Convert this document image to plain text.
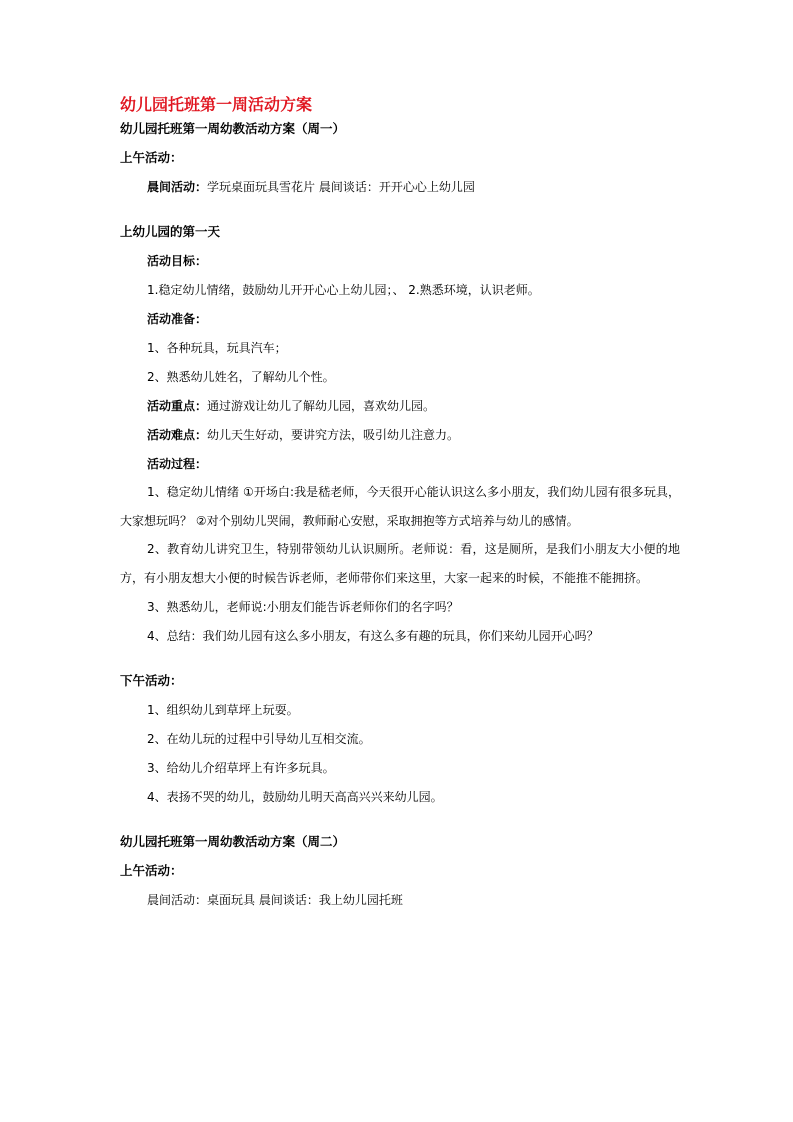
幼儿园托班第一周活动方案
幼儿园托班第一周幼教活动方案（周一）
上午活动：
晨间活动：学玩桌面玩具雪花片 晨间谈话：开开心心上幼儿园
上幼儿园的第一天
活动目标：
1.稳定幼儿情绪，鼓励幼儿开开心心上幼儿园；、 2.熟悉环境，认识老师。
活动准备：
1、各种玩具，玩具汽车；
2、熟悉幼儿姓名，了解幼儿个性。
活动重点：通过游戏让幼儿了解幼儿园，喜欢幼儿园。
活动难点：幼儿天生好动，要讲究方法，吸引幼儿注意力。
活动过程：
1、稳定幼儿情绪 ①开场白:我是嵇老师，今天很开心能认识这么多小朋友，我们幼儿园有很多玩具，大家想玩吗？ ②对个别幼儿哭闹，教师耐心安慰，采取拥抱等方式培养与幼儿的感情。
2、教育幼儿讲究卫生，特别带领幼儿认识厕所。老师说：看，这是厕所，是我们小朋友大小便的地方，有小朋友想大小便的时候告诉老师，老师带你们来这里，大家一起来的时候，不能推不能拥挤。
3、熟悉幼儿，老师说:小朋友们能告诉老师你们的名字吗？
4、总结：我们幼儿园有这么多小朋友，有这么多有趣的玩具，你们来幼儿园开心吗？
下午活动：
1、组织幼儿到草坪上玩耍。
2、在幼儿玩的过程中引导幼儿互相交流。
3、给幼儿介绍草坪上有许多玩具。
4、表扬不哭的幼儿，鼓励幼儿明天高高兴兴来幼儿园。
幼儿园托班第一周幼教活动方案（周二）
上午活动：
晨间活动：桌面玩具 晨间谈话：我上幼儿园托班
